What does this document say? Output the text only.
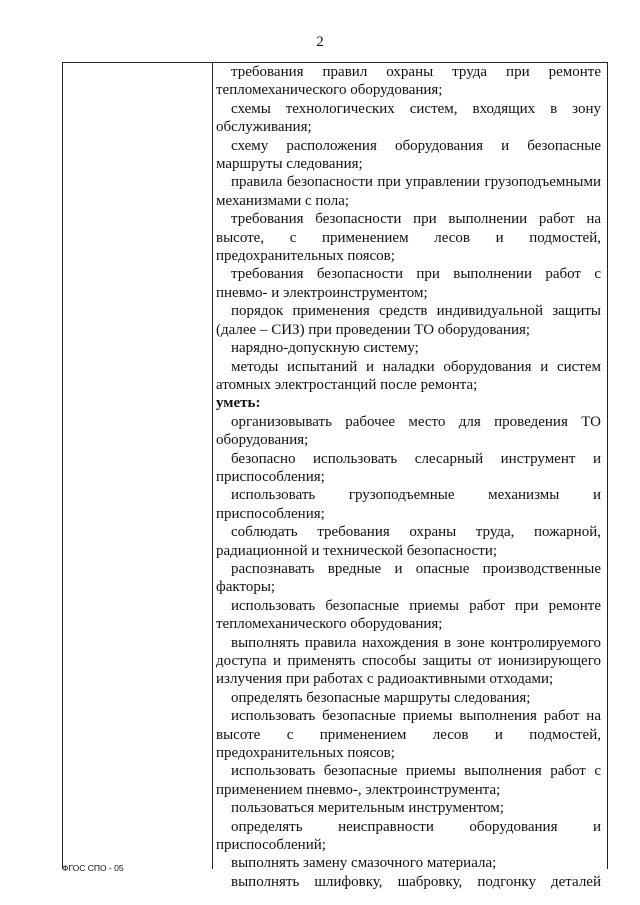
2

требования правил охраны труда при ремонте тепломеханического оборудования;

схемы технологических систем, входящих в зону обслуживания;

схему расположения оборудования и безопасные маршруты следования;

правила безопасности при управлении грузоподъемными механизмами с пола;

требования безопасности при выполнении работ на высоте, с применением лесов и подмостей, предохранительных поясов;

требования безопасности при выполнении работ с пневмо- и электроинструментом;

порядок применения средств индивидуальной защиты (далее – СИЗ) при проведении ТО оборудования;

нарядно-допускную систему;

методы испытаний и наладки оборудования и систем атомных электростанций после ремонта;

уметь:

организовывать рабочее место для проведения ТО оборудования;

безопасно использовать слесарный инструмент и приспособления;

использовать грузоподъемные механизмы и приспособления;

соблюдать требования охраны труда, пожарной, радиационной и технической безопасности;

распознавать вредные и опасные производственные факторы;

использовать безопасные приемы работ при ремонте тепломеханического оборудования;

выполнять правила нахождения в зоне контролируемого доступа и применять способы защиты от ионизирующего излучения при работах с радиоактивными отходами;

определять безопасные маршруты следования;

использовать безопасные приемы выполнения работ на высоте с применением лесов и подмостей, предохранительных поясов;

использовать безопасные приемы выполнения работ с применением пневмо-, электроинструмента;

пользоваться мерительным инструментом;

определять неисправности оборудования и приспособлений;

выполнять замену смазочного материала;

выполнять шлифовку, шабровку, подгонку деталей

ФГОС СПО - 05
